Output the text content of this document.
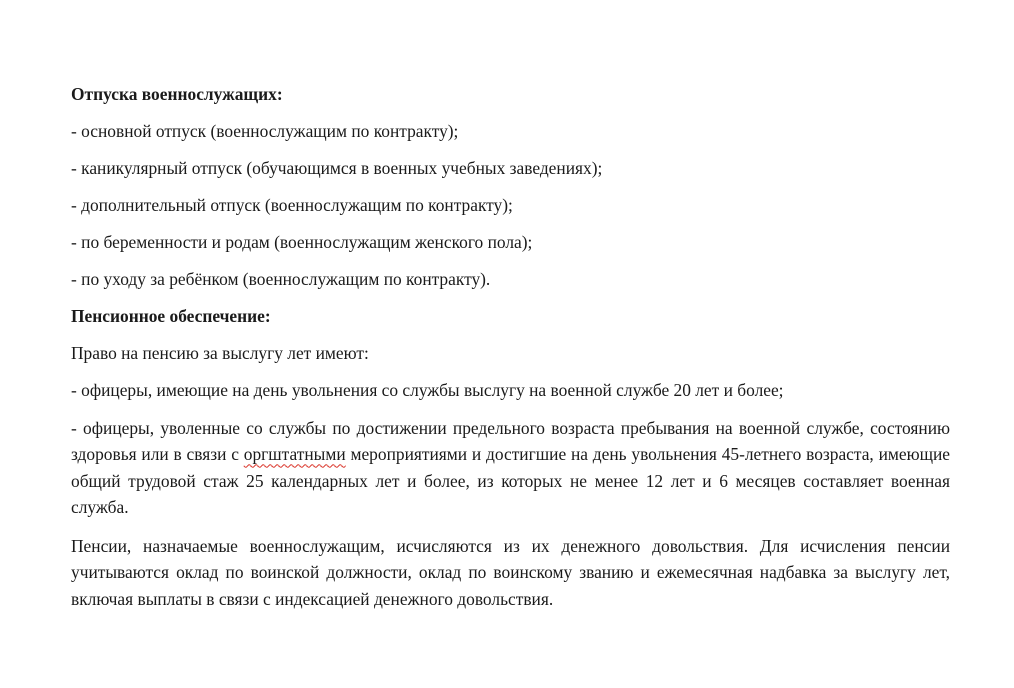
Отпуска военнослужащих:

- основной отпуск (военнослужащим по контракту);

- каникулярный отпуск (обучающимся в военных учебных заведениях);

- дополнительный отпуск (военнослужащим по контракту);

- по беременности и родам (военнослужащим женского пола);

- по уходу за ребёнком (военнослужащим по контракту).

Пенсионное обеспечение:

Право на пенсию за выслугу лет имеют:

- офицеры, имеющие на день увольнения со службы выслугу на военной службе 20 лет и более;

- офицеры, уволенные со службы по достижении предельного возраста пребывания на военной службе, состоянию здоровья или в связи с оргштатными мероприятиями и достигшие на день увольнения 45-летнего возраста, имеющие общий трудовой стаж 25 календарных лет и более, из которых не менее 12 лет и 6 месяцев составляет военная служба.

Пенсии, назначаемые военнослужащим, исчисляются из их денежного довольствия. Для исчисления пенсии учитываются оклад по воинской должности, оклад по воинскому званию и ежемесячная надбавка за выслугу лет, включая выплаты в связи с индексацией денежного довольствия.
